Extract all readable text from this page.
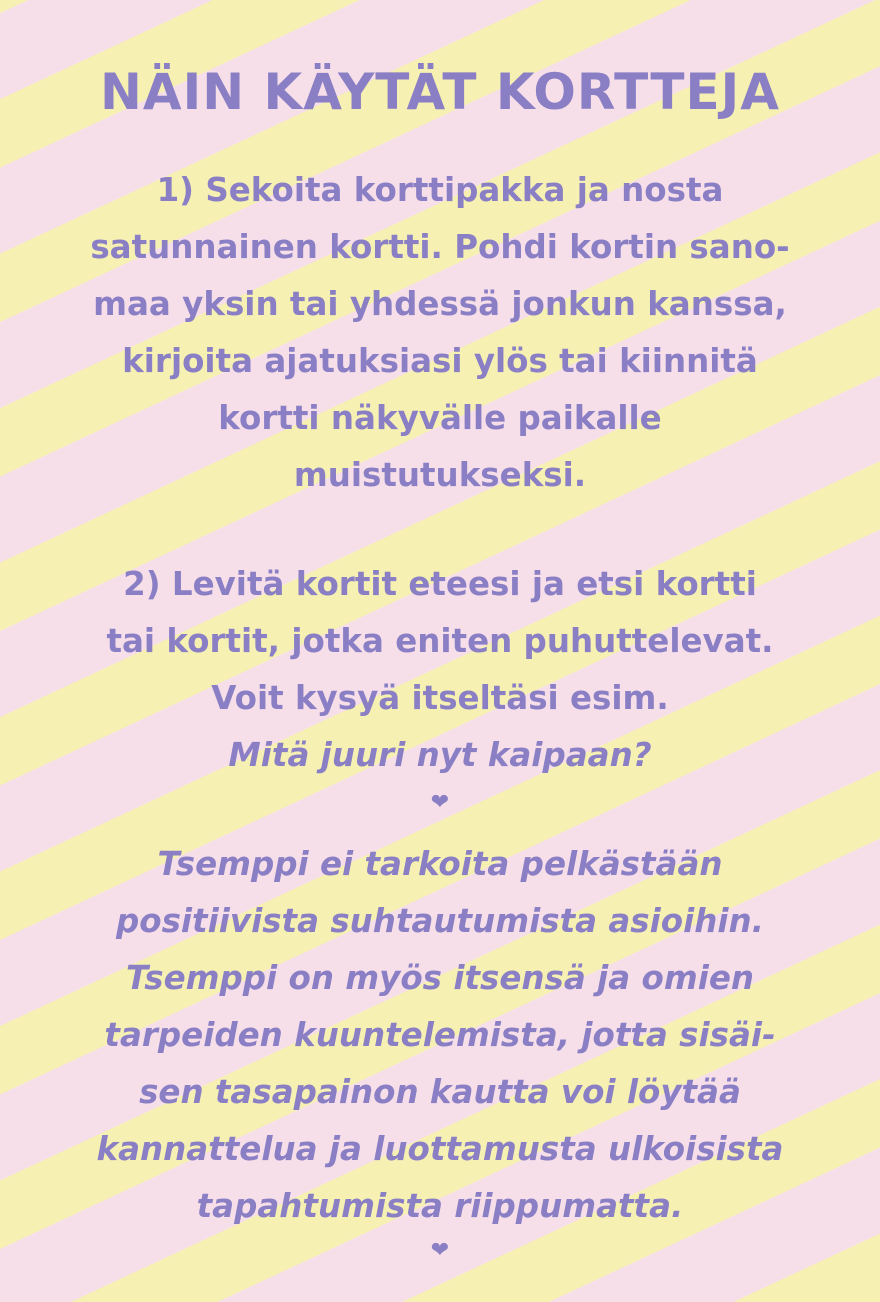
NÄIN KÄYTÄT KORTTEJA
1) Sekoita korttipakka ja nosta
satunnainen kortti. Pohdi kortin sano-
maa yksin tai yhdessä jonkun kanssa,
kirjoita ajatuksiasi ylös tai kiinnitä
kortti näkyvälle paikalle
muistutukseksi.
2) Levitä kortit eteesi ja etsi kortti
tai kortit, jotka eniten puhuttelevat.
Voit kysyä itseltäsi esim.
Mitä juuri nyt kaipaan?
❤
Tsemppi ei tarkoita pelkästään
positiivista suhtautumista asioihin.
Tsemppi on myös itsensä ja omien
tarpeiden kuuntelemista, jotta sisäi-
sen tasapainon kautta voi löytää
kannattelua ja luottamusta ulkoisista
tapahtumista riippumatta.
❤
